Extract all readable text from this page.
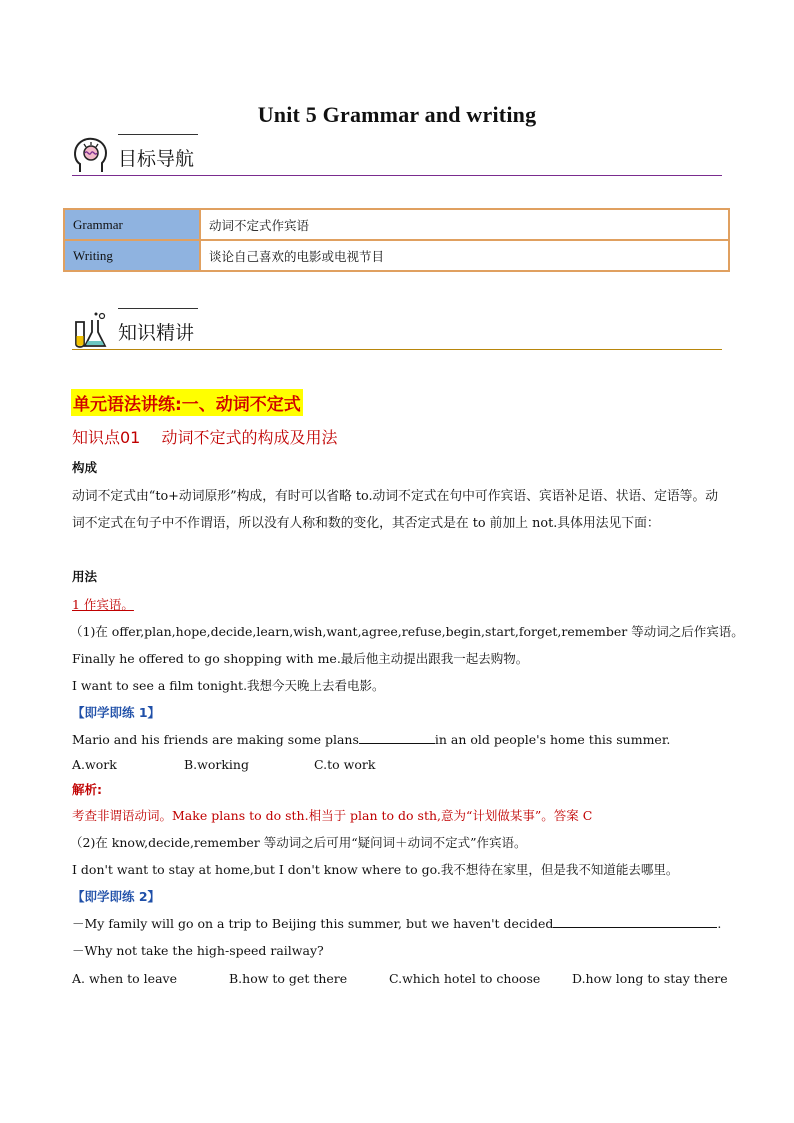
Unit 5 Grammar and writing
目标导航
Grammar	动词不定式作宾语
Writing	谈论自己喜欢的电影或电视节目
知识精讲
单元语法讲练:一、动词不定式
知识点01　 动词不定式的构成及用法
构成
动词不定式由“to+动词原形”构成，有时可以省略 to.动词不定式在句中可作宾语、宾语补足语、状语、定语等。动词不定式在句子中不作谓语，所以没有人称和数的变化，其否定式是在 to 前加上 not.具体用法见下面：
用法
1 作宾语。
（1)在 offer,plan,hope,decide,learn,wish,want,agree,refuse,begin,start,forget,remember 等动词之后作宾语。
Finally he offered to go shopping with me.最后他主动提出跟我一起去购物。
I want to see a film tonight.我想今天晚上去看电影。
【即学即练 1】
Mario and his friends are making some plans	in an old people's home this summer.
A.work	B.working	C.to work
解析:
考查非谓语动词。Make plans to do sth.相当于 plan to do sth,意为“计划做某事”。答案 C
（2)在 know,decide,remember 等动词之后可用“疑问词＋动词不定式”作宾语。
I don't want to stay at home,but I don't know where to go.我不想待在家里，但是我不知道能去哪里。
【即学即练 2】
－My family will go on a trip to Beijing this summer, but we haven't decided	.
－Why not take the high-speed railway?
A. when to leave	B.how to get there	C.which hotel to choose	D.how long to stay there
